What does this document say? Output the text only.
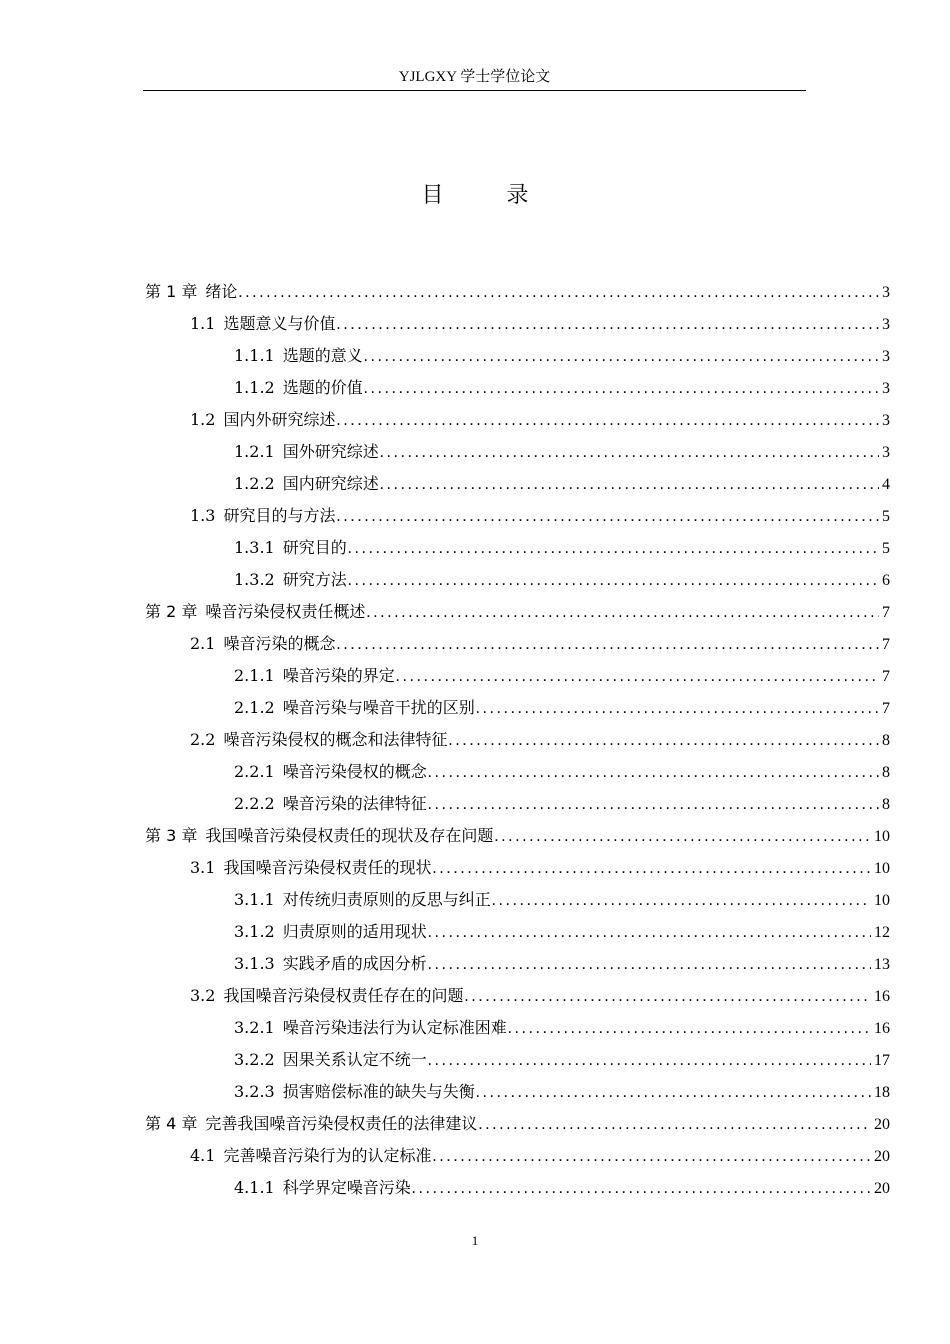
YJLGXY 学士学位论文
目 录
第 1 章 绪论 .....	3
1.1 选题意义与价值 .....	3
1.1.1 选题的意义 .....	3
1.1.2 选题的价值 .....	3
1.2 国内外研究综述 .....	3
1.2.1 国外研究综述 .....	3
1.2.2 国内研究综述 .....	4
1.3 研究目的与方法 .....	5
1.3.1 研究目的 .....	5
1.3.2 研究方法 .....	6
第 2 章 噪音污染侵权责任概述 .....	7
2.1 噪音污染的概念 .....	7
2.1.1 噪音污染的界定 .....	7
2.1.2 噪音污染与噪音干扰的区别 .....	7
2.2 噪音污染侵权的概念和法律特征 .....	8
2.2.1 噪音污染侵权的概念 .....	8
2.2.2 噪音污染的法律特征 .....	8
第 3 章 我国噪音污染侵权责任的现状及存在问题 .....	10
3.1 我国噪音污染侵权责任的现状 .....	10
3.1.1 对传统归责原则的反思与纠正 .....	10
3.1.2 归责原则的适用现状 .....	12
3.1.3 实践矛盾的成因分析 .....	13
3.2 我国噪音污染侵权责任存在的问题 .....	16
3.2.1 噪音污染违法行为认定标准困难 .....	16
3.2.2 因果关系认定不统一 .....	17
3.2.3 损害赔偿标准的缺失与失衡 .....	18
第 4 章 完善我国噪音污染侵权责任的法律建议 .....	20
4.1 完善噪音污染行为的认定标准 .....	20
4.1.1 科学界定噪音污染 .....	20
1
